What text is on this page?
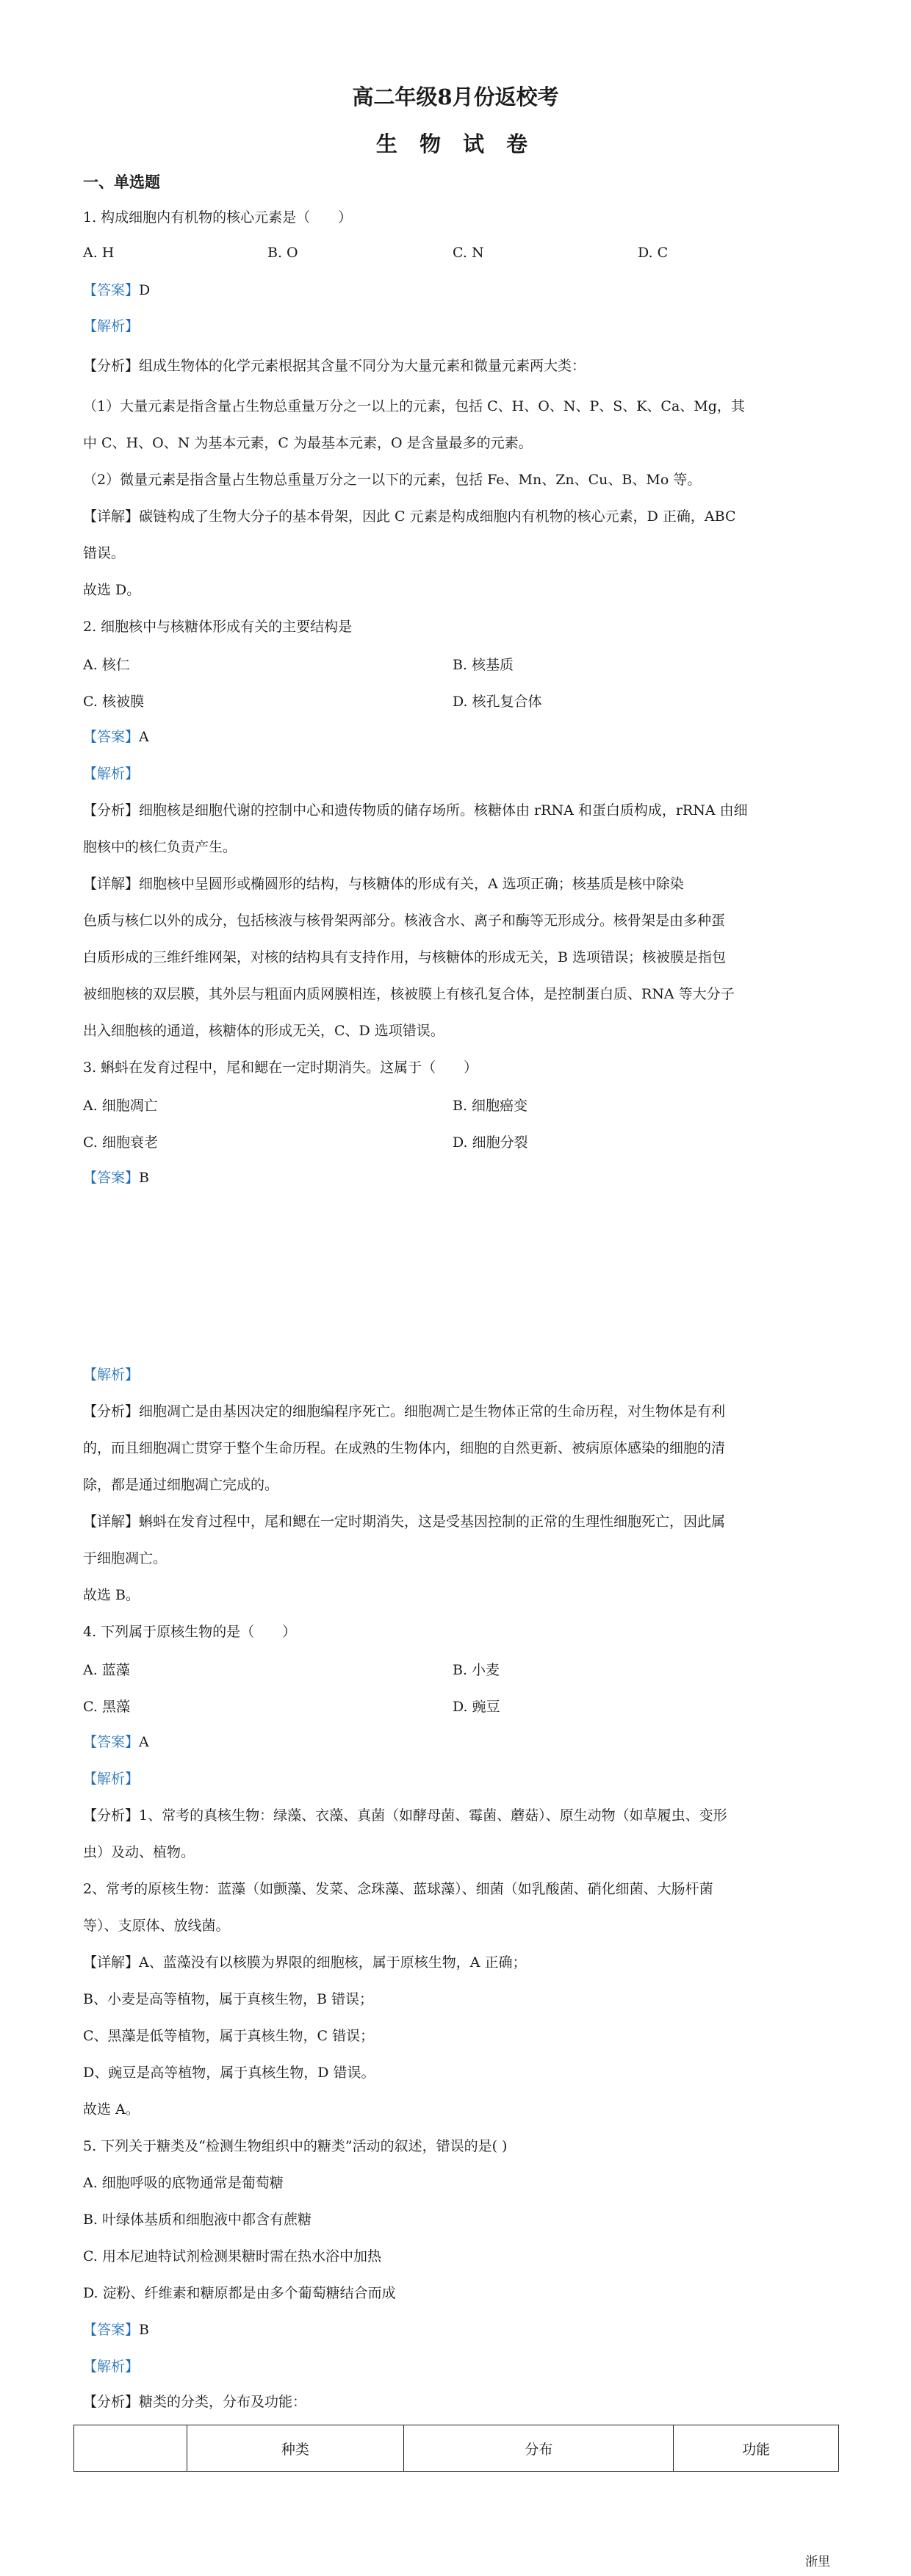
高二年级8月份返校考
生 物 试 卷
一、单选题
1. 构成细胞内有机物的核心元素是（　　）
A. H	B. O	C. N	D. C
【答案】D
【解析】
【分析】组成生物体的化学元素根据其含量不同分为大量元素和微量元素两大类：
（1）大量元素是指含量占生物总重量万分之一以上的元素，包括 C、H、O、N、P、S、K、Ca、Mg，其
中 C、H、O、N 为基本元素，C 为最基本元素，O 是含量最多的元素。
（2）微量元素是指含量占生物总重量万分之一以下的元素，包括 Fe、Mn、Zn、Cu、B、Mo 等。
【详解】碳链构成了生物大分子的基本骨架，因此 C 元素是构成细胞内有机物的核心元素，D 正确，ABC
错误。
故选 D。
2. 细胞核中与核糖体形成有关的主要结构是
A. 核仁	B. 核基质
C. 核被膜	D. 核孔复合体
【答案】A
【解析】
【分析】细胞核是细胞代谢的控制中心和遗传物质的储存场所。核糖体由 rRNA 和蛋白质构成，rRNA 由细
胞核中的核仁负责产生。
【详解】细胞核中呈圆形或椭圆形的结构，与核糖体的形成有关，A 选项正确；核基质是核中除染
色质与核仁以外的成分，包括核液与核骨架两部分。核液含水、离子和酶等无形成分。核骨架是由多种蛋
白质形成的三维纤维网架，对核的结构具有支持作用，与核糖体的形成无关，B 选项错误；核被膜是指包
被细胞核的双层膜，其外层与粗面内质网膜相连，核被膜上有核孔复合体，是控制蛋白质、RNA 等大分子
出入细胞核的通道，核糖体的形成无关，C、D 选项错误。
3. 蝌蚪在发育过程中，尾和鳃在一定时期消失。这属于（　　）
A. 细胞凋亡	B. 细胞癌变
C. 细胞衰老	D. 细胞分裂
【答案】B
【解析】
【分析】细胞凋亡是由基因决定的细胞编程序死亡。细胞凋亡是生物体正常的生命历程，对生物体是有利
的，而且细胞凋亡贯穿于整个生命历程。在成熟的生物体内，细胞的自然更新、被病原体感染的细胞的清
除，都是通过细胞凋亡完成的。
【详解】蝌蚪在发育过程中，尾和鳃在一定时期消失，这是受基因控制的正常的生理性细胞死亡，因此属
于细胞凋亡。
故选 B。
4. 下列属于原核生物的是（　　）
A. 蓝藻	B. 小麦
C. 黑藻	D. 豌豆
【答案】A
【解析】
【分析】1、常考的真核生物：绿藻、衣藻、真菌（如酵母菌、霉菌、蘑菇）、原生动物（如草履虫、变形
虫）及动、植物。
2、常考的原核生物：蓝藻（如颤藻、发菜、念珠藻、蓝球藻）、细菌（如乳酸菌、硝化细菌、大肠杆菌
等）、支原体、放线菌。
【详解】A、蓝藻没有以核膜为界限的细胞核，属于原核生物，A 正确；
B、小麦是高等植物，属于真核生物，B 错误；
C、黑藻是低等植物，属于真核生物，C 错误；
D、豌豆是高等植物，属于真核生物，D 错误。
故选 A。
5. 下列关于糖类及“检测生物组织中的糖类”活动的叙述，错误的是( )
A. 细胞呼吸的底物通常是葡萄糖
B. 叶绿体基质和细胞液中都含有蔗糖
C. 用本尼迪特试剂检测果糖时需在热水浴中加热
D. 淀粉、纤维素和糖原都是由多个葡萄糖结合而成
【答案】B
【解析】
	种类	分布	功能
【分析】糖类的分类，分布及功能：
浙里
